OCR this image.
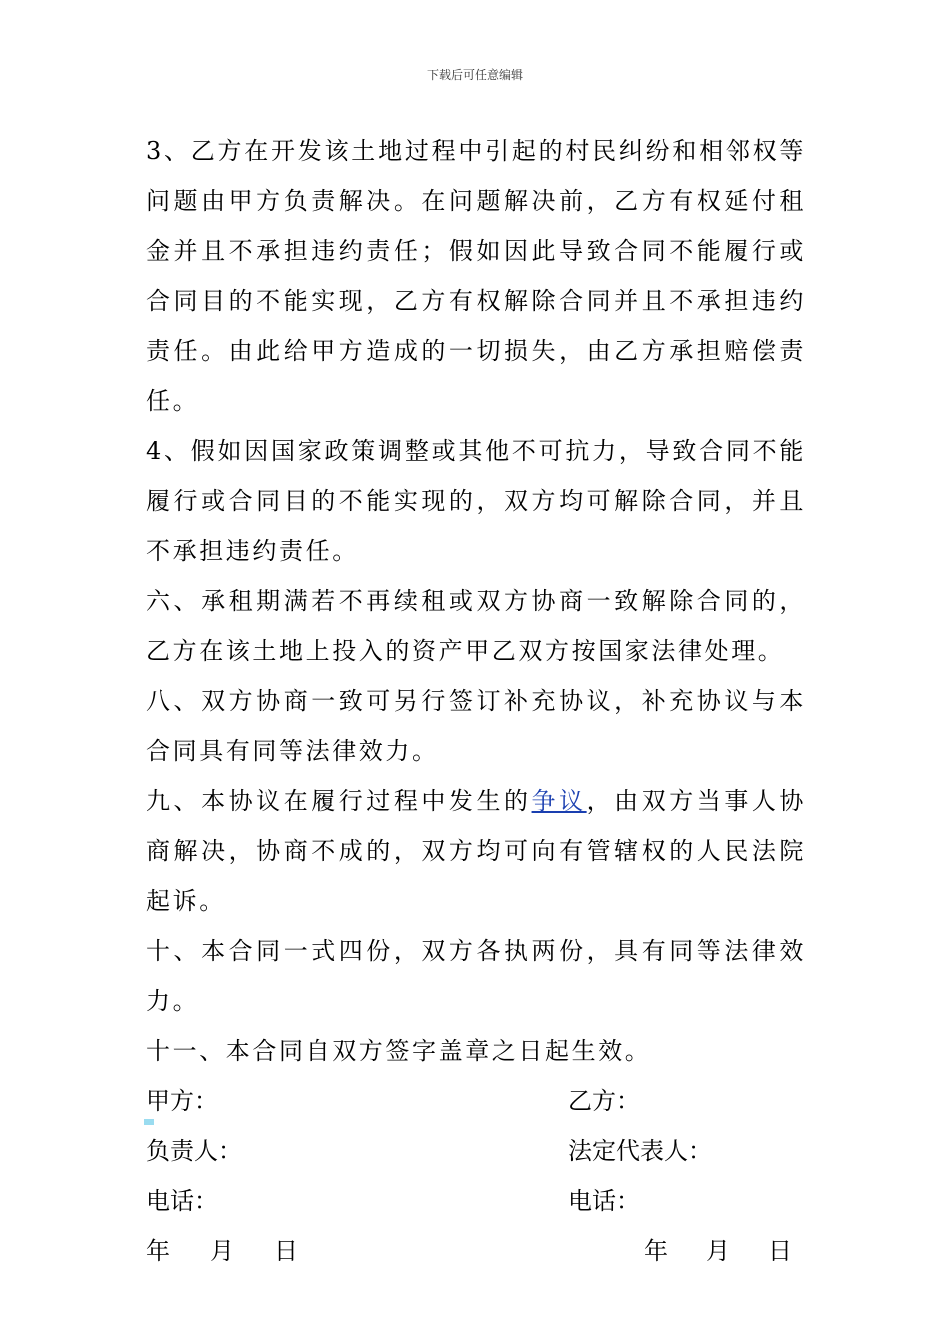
下载后可任意编辑

3、乙方在开发该土地过程中引起的村民纠纷和相邻权等问题由甲方负责解决。在问题解决前，乙方有权延付租金并且不承担违约责任；假如因此导致合同不能履行或合同目的不能实现，乙方有权解除合同并且不承担违约责任。由此给甲方造成的一切损失，由乙方承担赔偿责任。

4、假如因国家政策调整或其他不可抗力，导致合同不能履行或合同目的不能实现的，双方均可解除合同，并且不承担违约责任。

六、承租期满若不再续租或双方协商一致解除合同的，乙方在该土地上投入的资产甲乙双方按国家法律处理。

八、双方协商一致可另行签订补充协议，补充协议与本合同具有同等法律效力。

九、本协议在履行过程中发生的争议，由双方当事人协商解决，协商不成的，双方均可向有管辖权的人民法院起诉。

十、本合同一式四份，双方各执两份，具有同等法律效力。

十一、本合同自双方签字盖章之日起生效。

甲方：	乙方：
负责人：	法定代表人：
电话：	电话：
年 月 日	年 月 日
